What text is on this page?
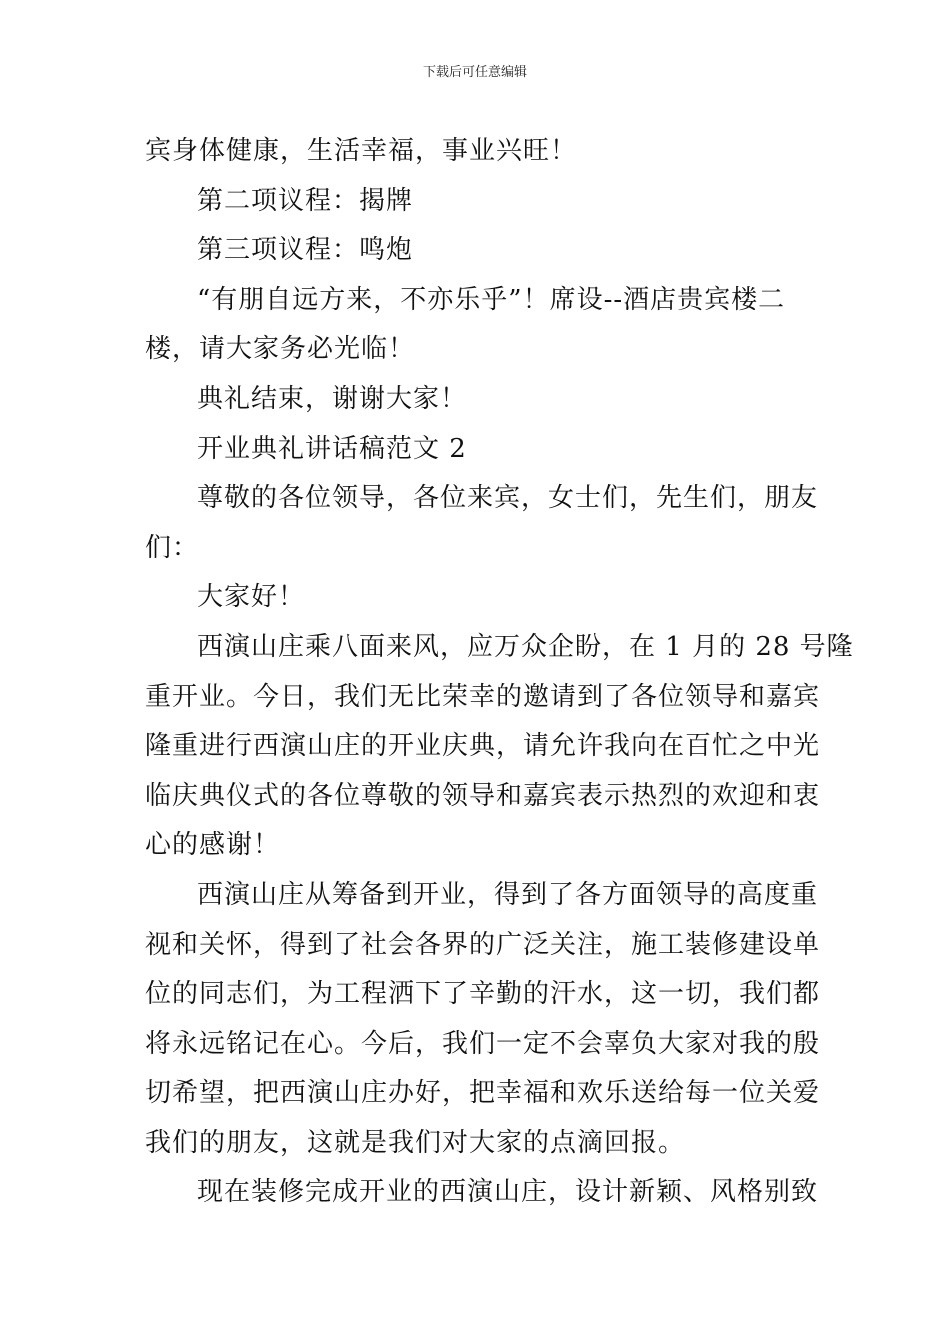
下载后可任意编辑
宾身体健康，生活幸福，事业兴旺！
第二项议程：揭牌
第三项议程：鸣炮
“有朋自远方来，不亦乐乎”！席设--酒店贵宾楼二
楼，请大家务必光临！
典礼结束，谢谢大家！
开业典礼讲话稿范文 2
尊敬的各位领导，各位来宾，女士们，先生们，朋友
们：
大家好！
西演山庄乘八面来风，应万众企盼，在 1 月的 28 号隆
重开业。今日，我们无比荣幸的邀请到了各位领导和嘉宾
隆重进行西演山庄的开业庆典，请允许我向在百忙之中光
临庆典仪式的各位尊敬的领导和嘉宾表示热烈的欢迎和衷
心的感谢！
西演山庄从筹备到开业，得到了各方面领导的高度重
视和关怀，得到了社会各界的广泛关注，施工装修建设单
位的同志们，为工程洒下了辛勤的汗水，这一切，我们都
将永远铭记在心。今后，我们一定不会辜负大家对我的殷
切希望，把西演山庄办好，把幸福和欢乐送给每一位关爱
我们的朋友，这就是我们对大家的点滴回报。
现在装修完成开业的西演山庄，设计新颖、风格别致
